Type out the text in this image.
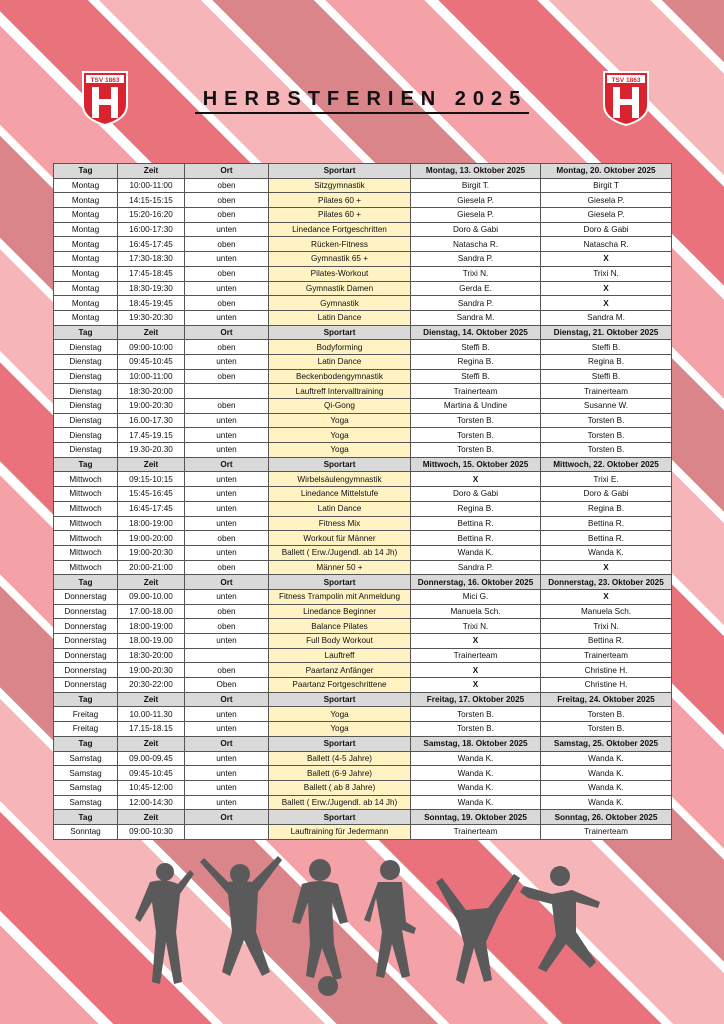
TSV 1863	TSV 1863
HERBSTFERIEN 2025
Tag	Zeit	Ort	Sportart	Montag, 13. Oktober 2025	Montag, 20. Oktober 2025
Montag	10:00-11:00	oben	Sitzgymnastik	Birgit T.	Birgit T
Montag	14:15-15:15	oben	Pilates 60 +	Giesela P.	Giesela P.
Montag	15:20-16:20	oben	Pilates 60 +	Giesela P.	Giesela P.
Montag	16:00-17:30	unten	Linedance Fortgeschritten	Doro & Gabi	Doro & Gabi
Montag	16:45-17:45	oben	Rücken-Fitness	Natascha R.	Natascha R.
Montag	17:30-18:30	unten	Gymnastik 65 +	Sandra P.	X
Montag	17:45-18:45	oben	Pilates-Workout	Trixi N.	Trixi N.
Montag	18:30-19:30	unten	Gymnastik Damen	Gerda E.	X
Montag	18:45-19:45	oben	Gymnastik	Sandra P.	X
Montag	19:30-20:30	unten	Latin Dance	Sandra M.	Sandra M.
Tag	Zeit	Ort	Sportart	Dienstag, 14. Oktober 2025	Dienstag, 21. Oktober 2025
Dienstag	09:00-10:00	oben	Bodyforming	Steffi B.	Steffi B.
Dienstag	09:45-10:45	unten	Latin Dance	Regina B.	Regina B.
Dienstag	10:00-11:00	oben	Beckenbodengymnastik	Steffi B.	Steffi B.
Dienstag	18:30-20:00		Lauftreff Intervalltraining	Trainerteam	Trainerteam
Dienstag	19:00-20:30	oben	Qi-Gong	Martina & Undine	Susanne W.
Dienstag	16.00-17.30	unten	Yoga	Torsten B.	Torsten B.
Dienstag	17.45-19.15	unten	Yoga	Torsten B.	Torsten B.
Dienstag	19.30-20.30	unten	Yoga	Torsten B.	Torsten B.
Tag	Zeit	Ort	Sportart	Mittwoch, 15. Oktober 2025	Mittwoch, 22. Oktober 2025
Mittwoch	09:15-10:15	unten	Wirbelsäulengymnastik	X	Trixi E.
Mittwoch	15:45-16:45	unten	Linedance Mittelstufe	Doro & Gabi	Doro & Gabi
Mittwoch	16:45-17:45	unten	Latin Dance	Regina B.	Regina B.
Mittwoch	18:00-19:00	unten	Fitness Mix	Bettina R.	Bettina R.
Mittwoch	19:00-20:00	oben	Workout für Männer	Bettina R.	Bettina R.
Mittwoch	19:00-20:30	unten	Ballett ( Erw./Jugendl. ab 14 Jh)	Wanda K.	Wanda K.
Mittwoch	20:00-21:00	oben	Männer 50 +	Sandra P.	X
Tag	Zeit	Ort	Sportart	Donnerstag, 16. Oktober 2025	Donnerstag, 23. Oktober 2025
Donnerstag	09.00-10.00	unten	Fitness Trampolin mit Anmeldung	Mici G.	X
Donnerstag	17.00-18.00	oben	Linedance Beginner	Manuela Sch.	Manuela Sch.
Donnerstag	18:00-19:00	oben	Balance Pilates	Trixi N.	Trixi N.
Donnerstag	18.00-19.00	unten	Full Body Workout	X	Bettina R.
Donnerstag	18:30-20:00		Lauftreff	Trainerteam	Trainerteam
Donnerstag	19:00-20:30	oben	Paartanz Anfänger	X	Christine H.
Donnerstag	20:30-22:00	Oben	Paartanz Fortgeschrittene	X	Christine H.
Tag	Zeit	Ort	Sportart	Freitag, 17. Oktober 2025	Freitag, 24. Oktober 2025
Freitag	10.00-11.30	unten	Yoga	Torsten B.	Torsten B.
Freitag	17.15-18.15	unten	Yoga	Torsten B.	Torsten B.
Tag	Zeit	Ort	Sportart	Samstag, 18. Oktober 2025	Samstag, 25. Oktober 2025
Samstag	09.00-09.45	unten	Ballett (4-5 Jahre)	Wanda K.	Wanda K.
Samstag	09:45-10:45	unten	Ballett (6-9 Jahre)	Wanda K.	Wanda K.
Samstag	10:45-12:00	unten	Ballett ( ab 8 Jahre)	Wanda K.	Wanda K.
Samstag	12:00-14:30	unten	Ballett ( Erw./Jugendl. ab 14 Jh)	Wanda K.	Wanda K.
Tag	Zeit	Ort	Sportart	Sonntag, 19. Oktober 2025	Sonntag, 26. Oktober 2025
Sonntag	09:00-10:30		Lauftraining für Jedermann	Trainerteam	Trainerteam
